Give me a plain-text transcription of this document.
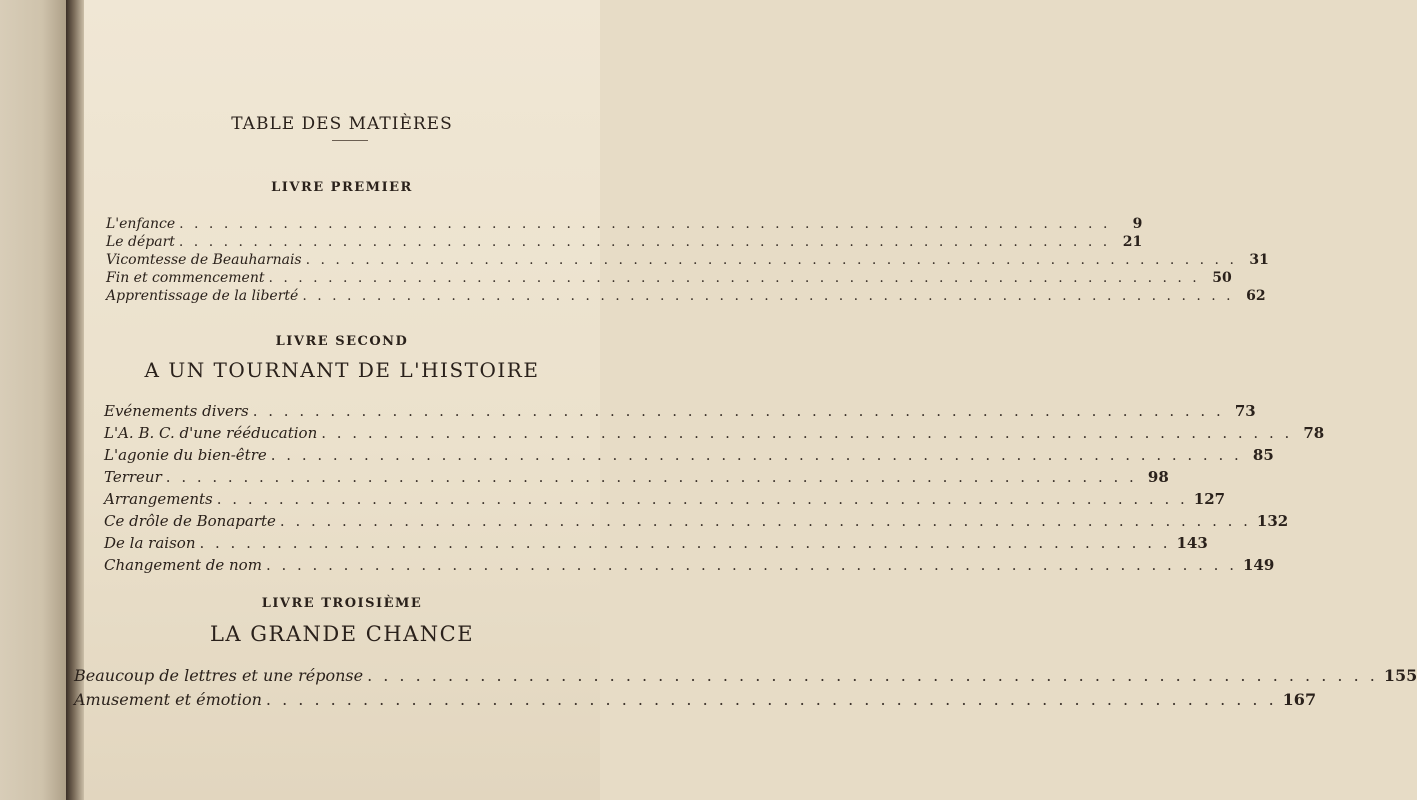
TABLE DES MATIÈRES
LIVRE PREMIER
L'enfance . . . . . . . . . . . . . . . . . . . . . . . . . . . . . . . . . . . . . . . . . . . . . . . . . . . . . . . . . . . . . . .	9
Le départ . . . . . . . . . . . . . . . . . . . . . . . . . . . . . . . . . . . . . . . . . . . . . . . . . . . . . . . . . . . . . . . 21
Vicomtesse de Beauharnais . . . . . . . . . . . . . . . . . . . . . . . . . . . . . . . . . . . . . . . . . . . . . . . . . . . . . . . . . . . . . . . 31
Fin et commencement . . . . . . . . . . . . . . . . . . . . . . . . . . . . . . . . . . . . . . . . . . . . . . . . . . . . . . . . . . . . . . . 50
Apprentissage de la liberté . . . . . . . . . . . . . . . . . . . . . . . . . . . . . . . . . . . . . . . . . . . . . . . . . . . . . . . . . . . . . . . 62
LIVRE SECOND
A UN TOURNANT DE L'HISTOIRE
Evénements divers . . . . . . . . . . . . . . . . . . . . . . . . . . . . . . . . . . . . . . . . . . . . . . . . . . . . . . . . . . . . . . . 73
L'A. B. C. d'une rééducation . . . . . . . . . . . . . . . . . . . . . . . . . . . . . . . . . . . . . . . . . . . . . . . . . . . . . . . . . . . . . . . 78
L'agonie du bien-être . . . . . . . . . . . . . . . . . . . . . . . . . . . . . . . . . . . . . . . . . . . . . . . . . . . . . . . . . . . . . . . 85
Terreur . . . . . . . . . . . . . . . . . . . . . . . . . . . . . . . . . . . . . . . . . . . . . . . . . . . . . . . . . . . . . . . 98
Arrangements . . . . . . . . . . . . . . . . . . . . . . . . . . . . . . . . . . . . . . . . . . . . . . . . . . . . . . . . . . . . . . . 127
Ce drôle de Bonaparte . . . . . . . . . . . . . . . . . . . . . . . . . . . . . . . . . . . . . . . . . . . . . . . . . . . . . . . . . . . . . . . 132
De la raison . . . . . . . . . . . . . . . . . . . . . . . . . . . . . . . . . . . . . . . . . . . . . . . . . . . . . . . . . . . . . . . 143
Changement de nom . . . . . . . . . . . . . . . . . . . . . . . . . . . . . . . . . . . . . . . . . . . . . . . . . . . . . . . . . . . . . . . 149
LIVRE TROISIÈME
LA GRANDE CHANCE
Beaucoup de lettres et une réponse . . . . . . . . . . . . . . . . . . . . . . . . . . . . . . . . . . . . . . . . . . . . . . . . . . . . . . . . . . . . . . . 155
Amusement et émotion . . . . . . . . . . . . . . . . . . . . . . . . . . . . . . . . . . . . . . . . . . . . . . . . . . . . . . . . . . . . . . . 167
